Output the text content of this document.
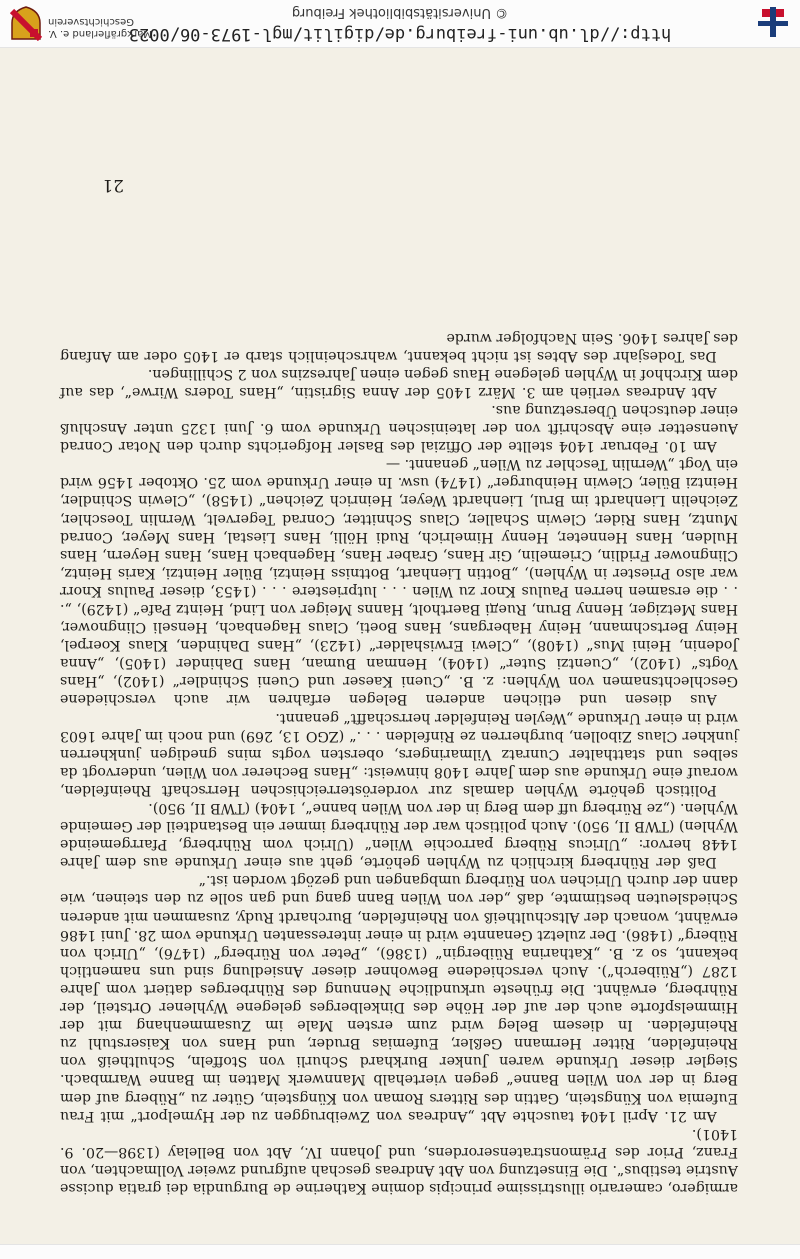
http://dl.ub.uni-freiburg.de/digilit/mgl-1973-06/0023
© Universitätsbibliothek Freiburg
Markgräflerland e. V.
Geschichtsverein
21

armigero, camerario illustrissime principis domine Katherine de Burgundia dei gratia ducisse Austrie testibus“. Die Einsetzung von Abt Andreas geschah aufgrund zweier Vollmachten, von Franz, Prior des Prämonstratenserordens, und Johann IV., Abt von Bellelay (1398—20. 9. 1401).

Am 21. April 1404 tauschte Abt „Andreas von Zweibruggen zu der Hymelport“ mit Frau Eufemia von Küngstein, Gattin des Ritters Roman von Küngstein, Güter zu „Rüberg auf dem Berg in der von Wilen Banne“ gegen viertehalb Mannwerk Matten im Banne Warmbach. Siegler dieser Urkunde waren Junker Burkhard Schurli von Stoffeln, Schultheiß von Rheinfelden, Ritter Hermann Geßler, Eufemias Bruder, und Hans von Kaiserstuhl zu Rheinfelden. In diesem Beleg wird zum ersten Male im Zusammenhang mit der Himmelspforte auch der auf der Höhe des Dinkelberges gelegene Wyhlener Ortsteil, der Rührberg, erwähnt. Die früheste urkundliche Nennung des Rührberges datiert vom Jahre 1287 („Rüiberch“). Auch verschiedene Bewohner dieser Ansiedlung sind uns namentlich bekannt, so z. B. „Katharina Rüibergin“ (1386), „Peter von Rürberg“ (1476), „Ulrich von Rüberg“ (1486). Der zuletzt Genannte wird in einer interessanten Urkunde vom 28. Juni 1486 erwähnt, wonach der Altschultheiß von Rheinfelden, Burchardt Rudy, zusammen mit anderen Schiedsleuten bestimmte, daß „der von Wilen Bann gang und gan solle zu den steinen, wie dann der durch Ulrichen von Rürberg umbgangen und gezögt worden ist.“

Daß der Rührberg kirchlich zu Wyhlen gehörte, geht aus einer Urkunde aus dem Jahre 1448 hervor: „Ulricus Rüberg parrochie Wilen“ (Ulrich vom Rührberg, Pfarrgemeinde Wyhlen) (TWB II, 950). Auch politisch war der Rührberg immer ein Bestandteil der Gemeinde Wyhlen. („ze Rürberg uff dem Berg in der von Wilen banne“, 1404) (TWB II, 950).

Politisch gehörte Wyhlen damals zur vorderösterreichischen Herrschaft Rheinfelden, worauf eine Urkunde aus dem Jahre 1408 hinweist: „Hans Becherer von Wilen, undervogt da selbes und statthalter Cunratz Vilmaringers, obersten vogts mins gnedigen junkherren junkher Claus Zibollen, burgherren ze Rinfelden . . .“ (ZGO 13, 269) und noch im Jahre 1603 wird in einer Urkunde „Weylen Reinfelder herrschafft“ genannt.

Aus diesen und etlichen anderen Belegen erfahren wir auch verschiedene Geschlechtsnamen von Wyhlen: z. B. „Cueni Kaeser und Cueni Schindler“ (1402), „Hans Vogts“ (1402), „Cuentzi Suter“ (1404), Henman Buman, Hans Dahinder (1405), „Anna Jodenin, Heini Mus“ (1408), „Clewi Erwishalder“ (1423), „Hans Dahinden, Klaus Koerpel, Heiny Bertschmann, Heiny Habergans, Hans Boeti, Claus Hagenbach, Henseli Clingnower, Hans Metziger, Henny Brun, Rueді Baertholt, Hanns Meiger von Lind, Heintz Pafe“ (1429), „. . . die ersamen herren Paulus Knor zu Wilen . . . lutpriestere . . . (1453, dieser Paulus Knorr war also Priester in Wyhlen), „Bottin Lienhart, Bottniss Heintzi, Büler Heintzi, Karis Heintz, Clingnower Fridlin, Criemelin, Gir Hans, Graber Hans, Hagenbach Hans, Hans Heyern, Hans Hulden, Hans Henneter, Henny Himelrich, Rudi Hölli, Hans Liestal, Hans Meyer, Conrad Muntz, Hans Rider, Clewin Schaller, Claus Schnitter, Conrad Tegervelt, Wernlin Toeschler, Zeichelin Lienhardt im Brul, Lienhardt Weyer, Heinrich Zeichen“ (1458), „Clewin Schindler, Heintzi Büler, Clewin Heinburger“ (1474) usw. In einer Urkunde vom 25. Oktober 1456 wird ein Vogt „Wernlin Teschler zu Wilen“ genannt. —

Am 10. Februar 1404 stellte der Offizial des Basler Hofgerichts durch den Notar Conrad Auensetter eine Abschrift von der lateinischen Urkunde vom 6. Juni 1325 unter Anschluß einer deutschen Übersetzung aus.

Abt Andreas verlieh am 3. März 1405 der Anna Sigristin, „Hans Toders Wirwe“, das auf dem Kirchhof in Wyhlen gelegene Haus gegen einen Jahreszins von 2 Schillingen.

Das Todesjahr des Abtes ist nicht bekannt, wahrscheinlich starb er 1405 oder am Anfang des Jahres 1406. Sein Nachfolger wurde
